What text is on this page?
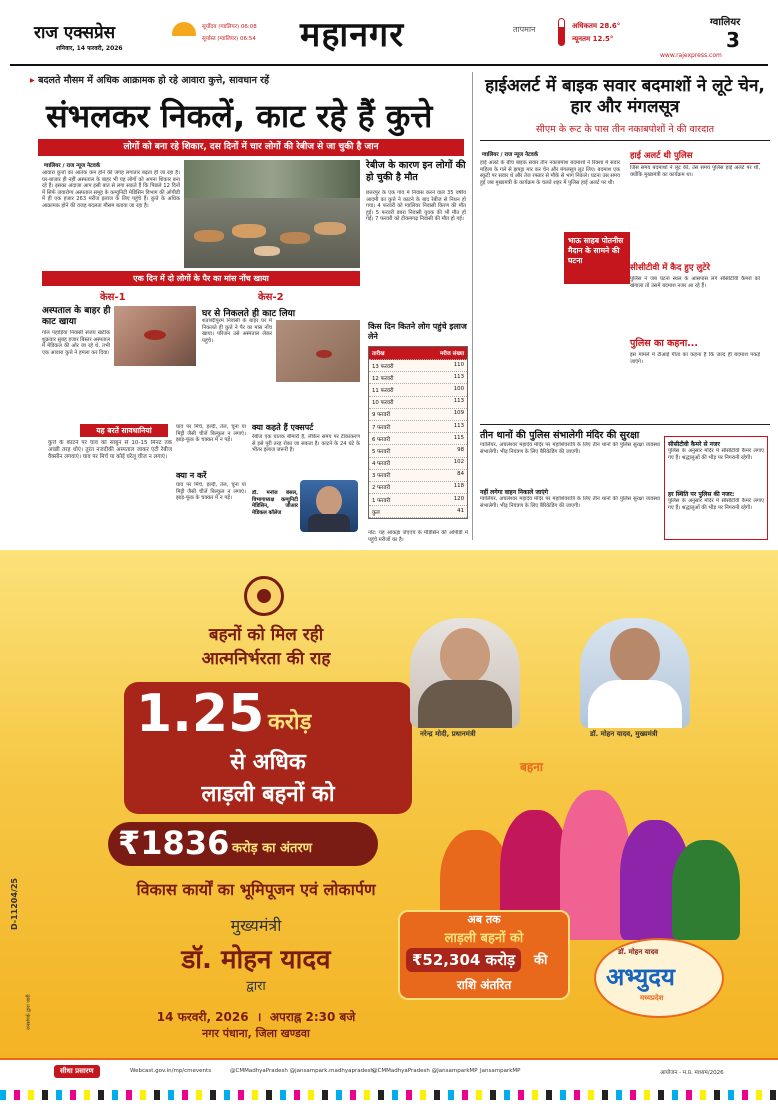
राज एक्सप्रेस
शनिवार, 14 फरवरी, 2026
सूर्योदय (ग्वालियर) 06:08
सूर्यास्त (ग्वालियर) 06:54 महानगर	तापमान	अधिकतम 28.6°
न्यूनतम 12.5°
ग्वालियर
3
www.rajexpress.com
▸ बदलते मौसम में अधिक आक्रामक हो रहे आवारा कुत्ते, सावधान रहें
संभलकर निकलें, काट रहे हैं कुत्ते
लोगों को बना रहे शिकार, दस दिनों में चार लोगों की रेबीज से जा चुकी है जान
ग्वालियर / राज न्यूज नेटवर्क
आवारा कुत्तों का आतंक कम होने की जगह लगातार बढ़ता ही जा रहा है। घर-बाजार ही नहीं अस्पताल के बाहर भी यह लोगों को अपना शिकार बना रहे हैं। इसका अंदाजा आप इसी बात से लगा सकते हैं कि पिछले 12 दिनों में सिर्फ जयारोग्य अस्पताल समूह के कम्युनिटी मेडिसिन विभाग की ओपीडी में ही एक हजार 263 मरीज इलाज के लिए पहुंचे हैं। कुत्ते के अधिक आक्रामक होने की वजह बदलता मौसम बताया जा रहा है।
रेबीज के कारण इन लोगों की हो चुकी है मौत
छतरपुर के एक गांव में निवास करने वाले 35 वर्षीय आदमी का कुत्ते ने काटने के बाद रेबीज से निधन हो गया। 4 फरवरी को ग्वालियर निवासी किरण की मौत हुई। 5 फरवरी डबरा निवासी युवक की भी मौत हो गई। 7 फरवरी को टीकमगढ़ निवासी की मौत हो गई।
एक दिन में दो लोगों के पैर का मांस नोंच खाया
केस-1	केस-2
अस्पताल के बाहर ही काट खाया
गोल पहाड़िया निवासी संजय खटीक शुक्रवार सुबह हजार बिस्तर अस्पताल में मेडिकल की ओर जा रहे थे, तभी एक आवारा कुत्ते ने हमला कर दिया।
घर से निकलते ही काट लिया
शताब्दीपुरम निवासी के बाहर घर में निकलते ही कुत्ते ने पैर का मांस नोंच खाया। परिजन उसे अस्पताल लेकर पहुंचे।
यह बरतें सावधानियां
कुत्ते के काटने पर घाव को साबुन से 10-15 मिनट तक अच्छी तरह धोएं। तुरंत नजदीकी अस्पताल जाकर एंटी रेबीज वैक्सीन लगवाएं। घाव पर मिर्च या कोई घरेलू चीज न लगाएं।
घाव पर मिर्च, हल्दी, तेल, चूना या मिट्टी जैसी चीजें बिल्कुल न लगाएं। झाड़-फूंक के चक्कर में न पड़ें।
क्या न करें
घाव पर मिर्च, हल्दी, तेल, चूना या मिट्टी जैसी चीजें बिल्कुल न लगाएं। झाड़-फूंक के चक्कर में न पड़ें।
क्या कहते हैं एक्सपर्ट
रेबीज एक घातक बीमारी है, लेकिन समय पर टीकाकरण से इसे पूरी तरह रोका जा सकता है। काटने के 24 घंटे के भीतर इलाज जरूरी है।
डॉ. मनोज बंसल, विभागाध्यक्ष कम्युनिटी मेडिसिन, जीआर मेडिकल कॉलेज
किस दिन कितने लोग पहुंचे इलाज लेने
तारीख	मरीज संख्या
13 फरवरी	110
12 फरवरी	113
11 फरवरी	100
10 फरवरी	113
9 फरवरी	109
7 फरवरी	113
6 फरवरी	115
5 फरवरी	98
4 फरवरी	102
3 फरवरी	84
2 फरवरी	118
1 फरवरी	120
कुल	41
नोट: यह आंकड़ा जेएएच के मेडिसिन की ओपीडी में पहुंचे मरीजों का है।
हाईअलर्ट में बाइक सवार बदमाशों ने लूटे चेन, हार और मंगलसूत्र
सीएम के रूट के पास तीन नकाबपोशों ने की वारदात
ग्वालियर / राज न्यूज नेटवर्क
हाई अलर्ट के बीच बाइक सवार तीन नकाबपोश बदमाशों ने रिक्शा में सवार महिला के गले से झपट्टा मार कर चेन और मंगलसूत्र लूट लिए। बदमाश एक स्कूटी पर सवार थे और तेज रफ्तार से मौके से भाग निकले। घटना उस समय हुई जब मुख्यमंत्री के कार्यक्रम के चलते शहर में पुलिस हाई अलर्ट पर थी।
भाऊ साहब पोतनीस मैदान के सामने की घटना
हाई अलर्ट थी पुलिस
जिस समय बदमाशों ने लूट की, उस समय पुलिस हाई अलर्ट पर थी, क्योंकि मुख्यमंत्री का कार्यक्रम था।
सीसीटीवी में कैद हुए लुटेरे
पुलिस ने जब घटना स्थल के आसपास लगे सीसीटीवी कैमरों को खंगाला तो उसमें बदमाश नजर आ रहे हैं।
पुलिस का कहना...
इस मामले में टीआई गीता का कहना है कि जल्द ही बदमाश पकड़े जाएंगे।
तीन थानों की पुलिस संभालेगी मंदिर की सुरक्षा
ग्वालियर, अचलेश्वर महादेव मंदिर पर महाशिवरात्रि के लिए तीन थानों की पुलिस सुरक्षा व्यवस्था संभालेगी। भीड़ नियंत्रण के लिए बैरिकेडिंग की जाएगी।
नहीं लगेगा वाहन निकाले जाएंगे
ग्वालियर, अचलेश्वर महादेव मंदिर पर महाशिवरात्रि के लिए तीन थानों की पुलिस सुरक्षा व्यवस्था संभालेगी। भीड़ नियंत्रण के लिए बैरिकेडिंग की जाएगी।
सीसीटीवी कैमरे से नजर
पुलिस के अनुसार मंदिर में सीसीटीवी कैमरे लगाए गए हैं। श्रद्धालुओं की भीड़ पर निगरानी रहेगी।
हर स्थिति पर पुलिस की नजर:
पुलिस के अनुसार मंदिर में सीसीटीवी कैमरे लगाए गए हैं। श्रद्धालुओं की भीड़ पर निगरानी रहेगी।
बहनों को मिल रही
आत्मनिर्भरता की राह
1.25 करोड़
से अधिक
लाड़ली बहनों को
₹1836 करोड़ का अंतरण
विकास कार्यों का भूमिपूजन एवं लोकार्पण
मुख्यमंत्री
डॉ. मोहन यादव
द्वारा
14 फरवरी, 2026  ।  अपराह्न 2:30 बजे
नगर पंधाना, जिला खण्डवा
D-11204/25
जनसंपर्क द्वारा जारी
नरेन्द्र मोदी, प्रधानमंत्री	डॉ. मोहन यादव, मुख्यमंत्री
बहना
अब तक
लाड़ली बहनों को
₹52,304 करोड़	की
राशि अंतरित
डॉ. मोहन यादव
अभ्युदय
मध्यप्रदेश
सीधा प्रसारण	Webcast.gov.in/mp/cmevents	@CMMadhyaPradesh @jansampark.madhyapradesh
@CMMadhyaPradesh @JansamparkMP JansamparkMP	आयोजन - म.प्र. माध्यम/2026
